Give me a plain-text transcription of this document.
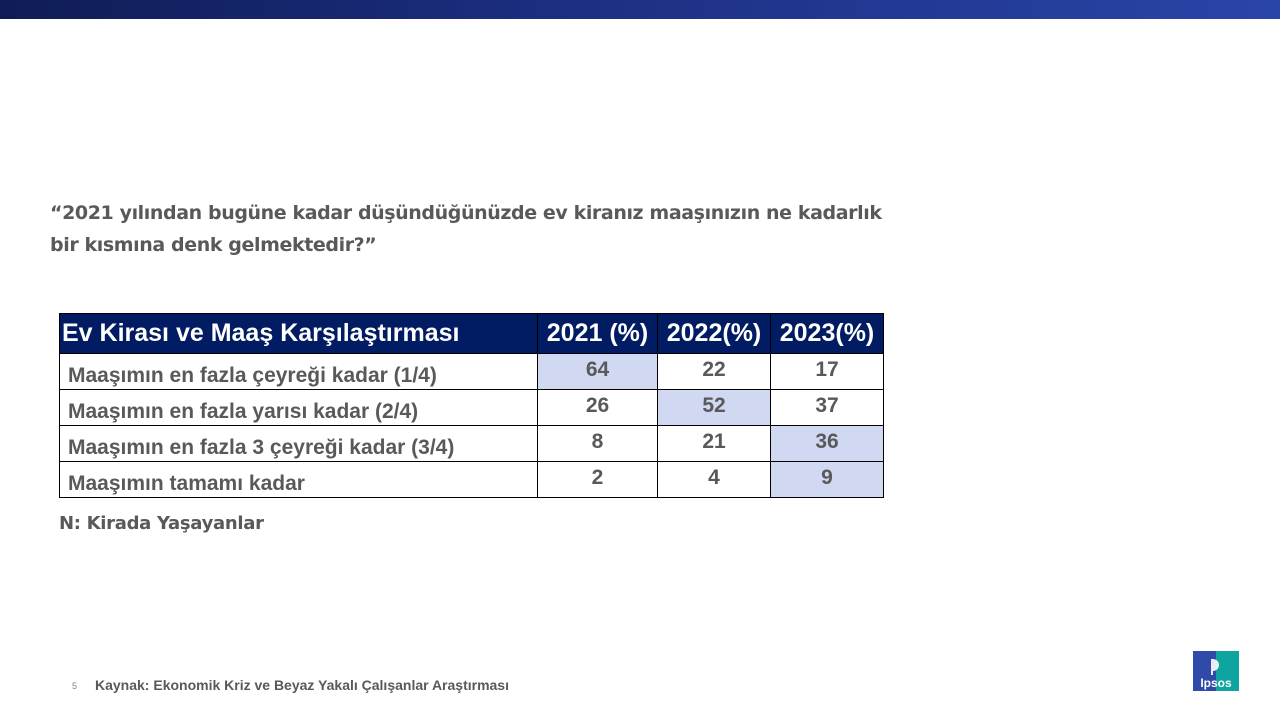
“2021 yılından bugüne kadar düşündüğünüzde ev kiranız maaşınızın ne kadarlık bir kısmına denk gelmektedir?”
Ev Kirası ve Maaş Karşılaştırması	2021 (%)	2022(%)	2023(%)
Maaşımın en fazla çeyreği kadar (1/4)	64	22	17
Maaşımın en fazla yarısı kadar (2/4)	26	52	37
Maaşımın en fazla 3 çeyreği kadar (3/4)	8	21	36
Maaşımın tamamı kadar	2	4	9
N: Kirada Yaşayanlar
5 Kaynak: Ekonomik Kriz ve Beyaz Yakalı Çalışanlar Araştırması	Ipsos
